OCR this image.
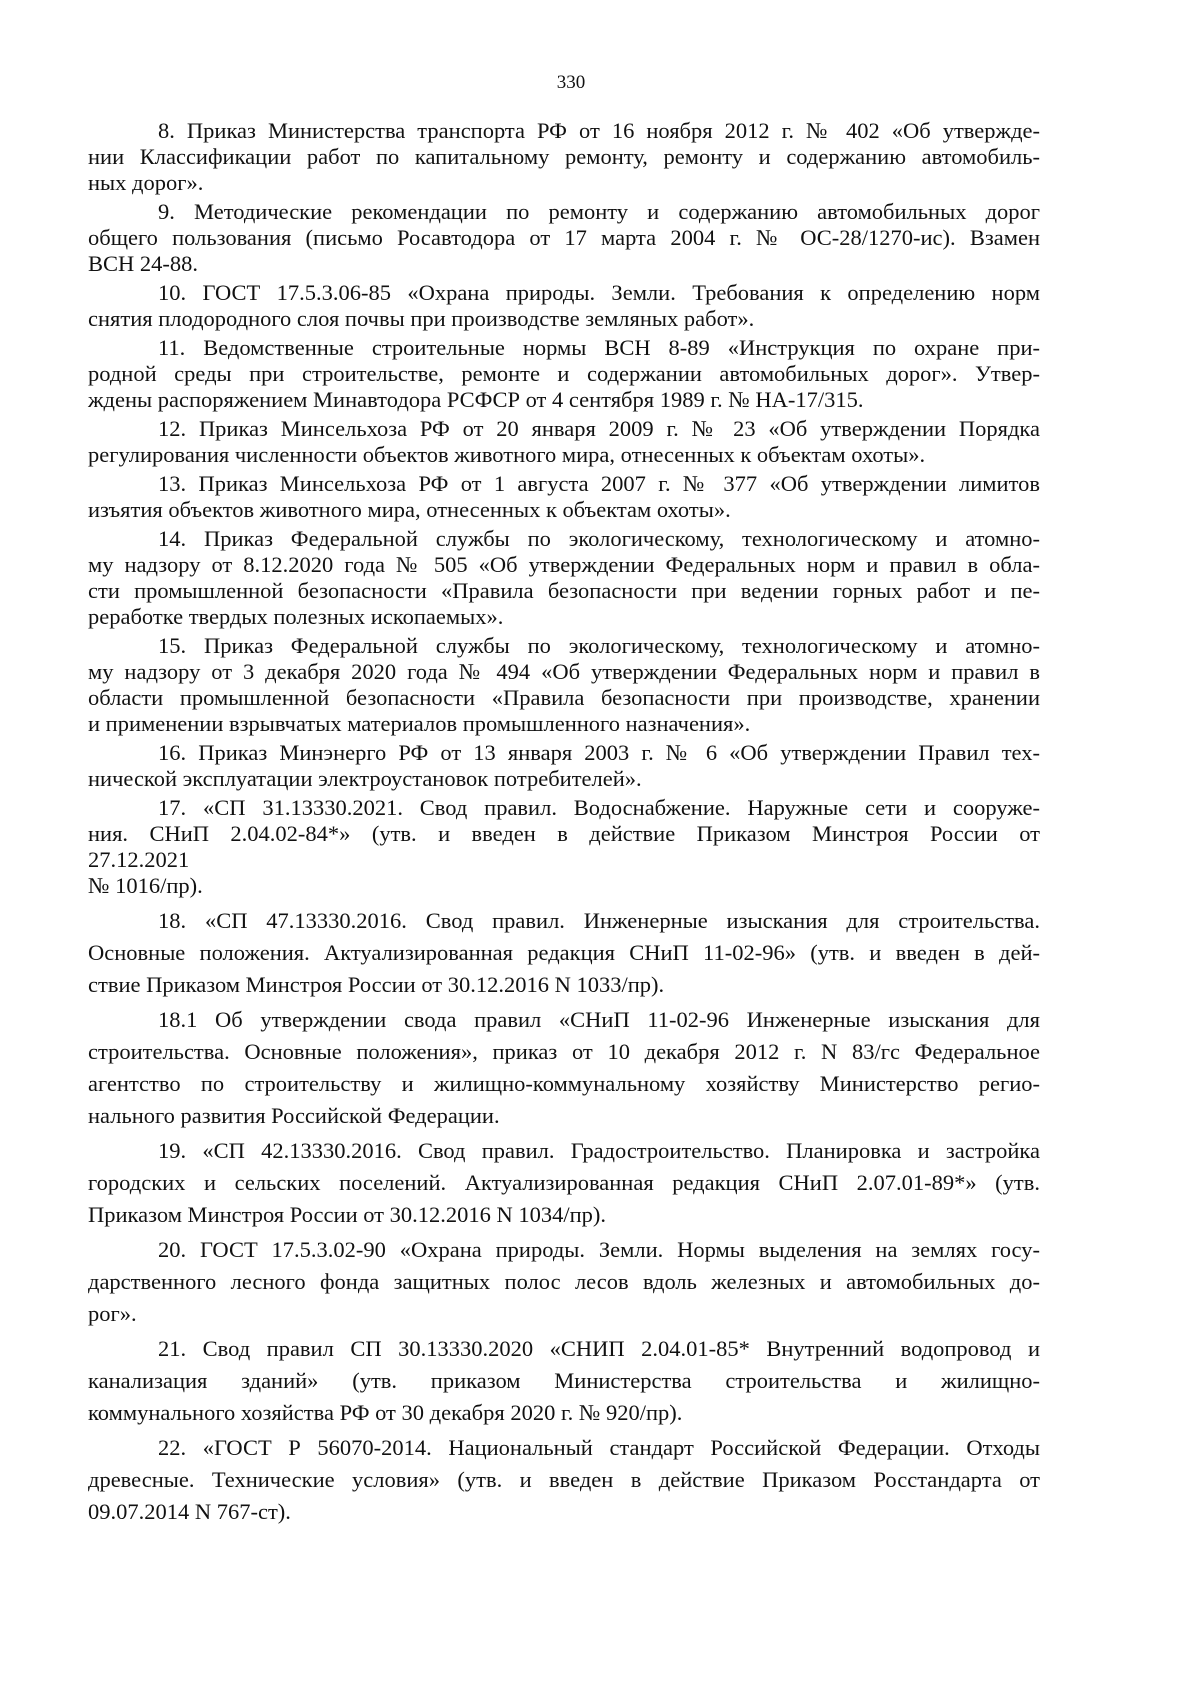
330
8. Приказ Министерства транспорта РФ от 16 ноября 2012 г. № 402 «Об утвержде-
нии Классификации работ по капитальному ремонту, ремонту и содержанию автомобиль-
ных дорог».
9. Методические рекомендации по ремонту и содержанию автомобильных дорог
общего пользования (письмо Росавтодора от 17 марта 2004 г. № ОС-28/1270-ис). Взамен
ВСН 24-88.
10. ГОСТ 17.5.3.06-85 «Охрана природы. Земли. Требования к определению норм
снятия плодородного слоя почвы при производстве земляных работ».
11. Ведомственные строительные нормы ВСН 8-89 «Инструкция по охране при-
родной среды при строительстве, ремонте и содержании автомобильных дорог». Утвер-
ждены распоряжением Минавтодора РСФСР от 4 сентября 1989 г. № НА-17/315.
12. Приказ Минсельхоза РФ от 20 января 2009 г. № 23 «Об утверждении Порядка
регулирования численности объектов животного мира, отнесенных к объектам охоты».
13. Приказ Минсельхоза РФ от 1 августа 2007 г. № 377 «Об утверждении лимитов
изъятия объектов животного мира, отнесенных к объектам охоты».
14. Приказ Федеральной службы по экологическому, технологическому и атомно-
му надзору от 8.12.2020 года № 505 «Об утверждении Федеральных норм и правил в обла-
сти промышленной безопасности «Правила безопасности при ведении горных работ и пе-
реработке твердых полезных ископаемых».
15. Приказ Федеральной службы по экологическому, технологическому и атомно-
му надзору от 3 декабря 2020 года № 494 «Об утверждении Федеральных норм и правил в
области промышленной безопасности «Правила безопасности при производстве, хранении
и применении взрывчатых материалов промышленного назначения».
16. Приказ Минэнерго РФ от 13 января 2003 г. № 6 «Об утверждении Правил тех-
нической эксплуатации электроустановок потребителей».
17. «СП 31.13330.2021. Свод правил. Водоснабжение. Наружные сети и сооруже-
ния. СНиП 2.04.02-84*» (утв. и введен в действие Приказом Минстроя России от
27.12.2021
№ 1016/пр).
18. «СП 47.13330.2016. Свод правил. Инженерные изыскания для строительства.
Основные положения. Актуализированная редакция СНиП 11-02-96» (утв. и введен в дей-
ствие Приказом Минстроя России от 30.12.2016 N 1033/пр).
18.1 Об утверждении свода правил «СНиП 11-02-96 Инженерные изыскания для
строительства. Основные положения», приказ от 10 декабря 2012 г. N 83/гс Федеральное
агентство по строительству и жилищно-коммунальному хозяйству Министерство регио-
нального развития Российской Федерации.
19. «СП 42.13330.2016. Свод правил. Градостроительство. Планировка и застройка
городских и сельских поселений. Актуализированная редакция СНиП 2.07.01-89*» (утв.
Приказом Минстроя России от 30.12.2016 N 1034/пр).
20. ГОСТ 17.5.3.02-90 «Охрана природы. Земли. Нормы выделения на землях госу-
дарственного лесного фонда защитных полос лесов вдоль железных и автомобильных до-
рог».
21. Свод правил СП 30.13330.2020 «СНИП 2.04.01-85* Внутренний водопровод и
канализация зданий» (утв. приказом Министерства строительства и жилищно-
коммунального хозяйства РФ от 30 декабря 2020 г. № 920/пр).
22. «ГОСТ Р 56070-2014. Национальный стандарт Российской Федерации. Отходы
древесные. Технические условия» (утв. и введен в действие Приказом Росстандарта от
09.07.2014 N 767-ст).
